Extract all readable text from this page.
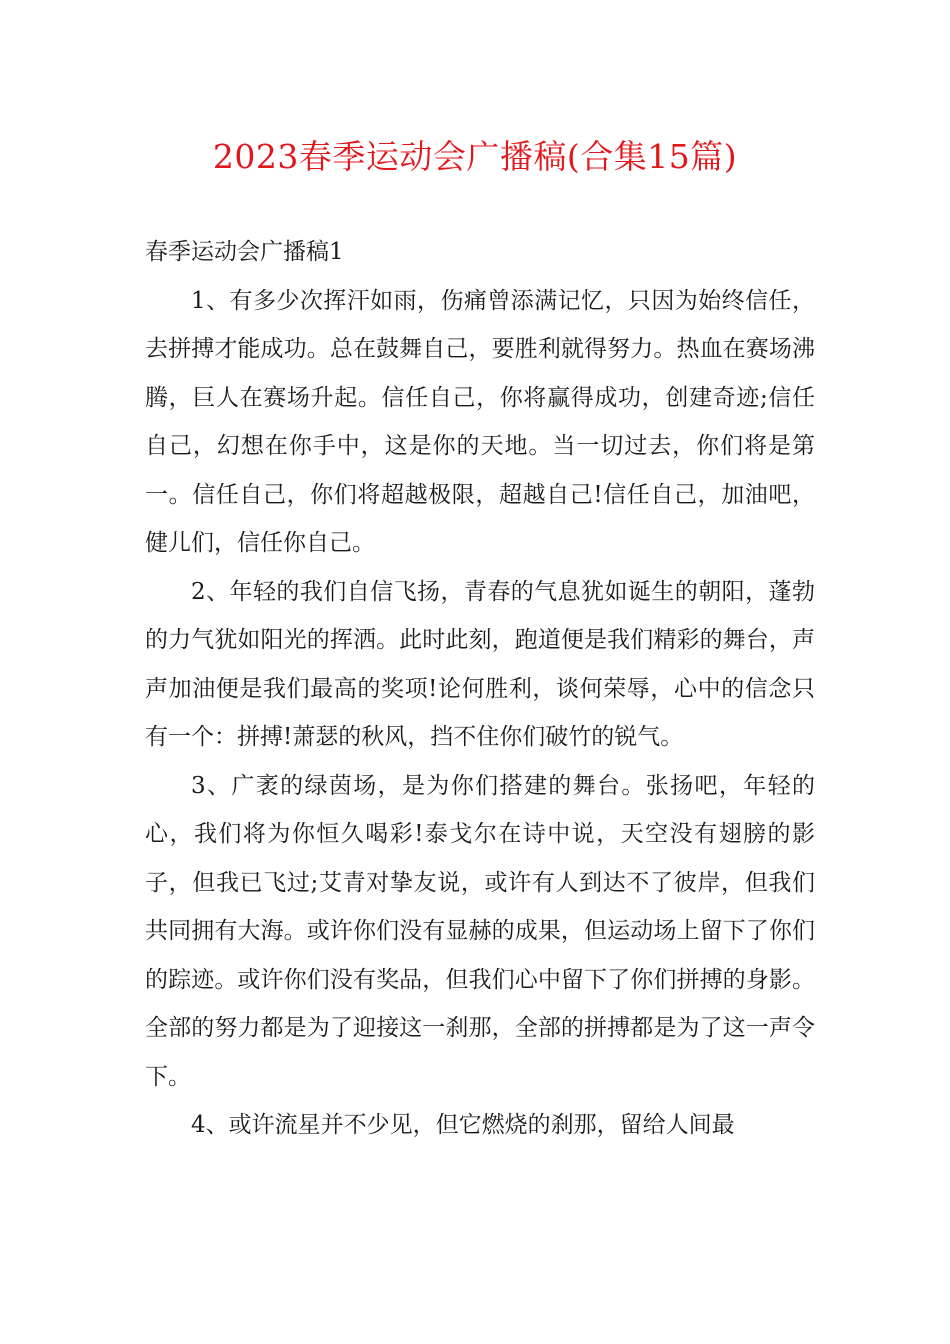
2023春季运动会广播稿(合集15篇)

春季运动会广播稿1

1、有多少次挥汗如雨，伤痛曾添满记忆，只因为始终信任，去拼搏才能成功。总在鼓舞自己，要胜利就得努力。热血在赛场沸腾，巨人在赛场升起。信任自己，你将赢得成功，创建奇迹;信任自己，幻想在你手中，这是你的天地。当一切过去，你们将是第一。信任自己，你们将超越极限，超越自己!信任自己，加油吧，健儿们，信任你自己。

2、年轻的我们自信飞扬，青春的气息犹如诞生的朝阳，蓬勃的力气犹如阳光的挥洒。此时此刻，跑道便是我们精彩的舞台，声声加油便是我们最高的奖项!论何胜利，谈何荣辱，心中的信念只有一个：拼搏!萧瑟的秋风，挡不住你们破竹的锐气。

3、广袤的绿茵场，是为你们搭建的舞台。张扬吧，年轻的心，我们将为你恒久喝彩!泰戈尔在诗中说，天空没有翅膀的影子，但我已飞过;艾青对挚友说，或许有人到达不了彼岸，但我们共同拥有大海。或许你们没有显赫的成果，但运动场上留下了你们的踪迹。或许你们没有奖品，但我们心中留下了你们拼搏的身影。全部的努力都是为了迎接这一刹那，全部的拼搏都是为了这一声令下。

4、或许流星并不少见，但它燃烧的刹那，留给人间最
